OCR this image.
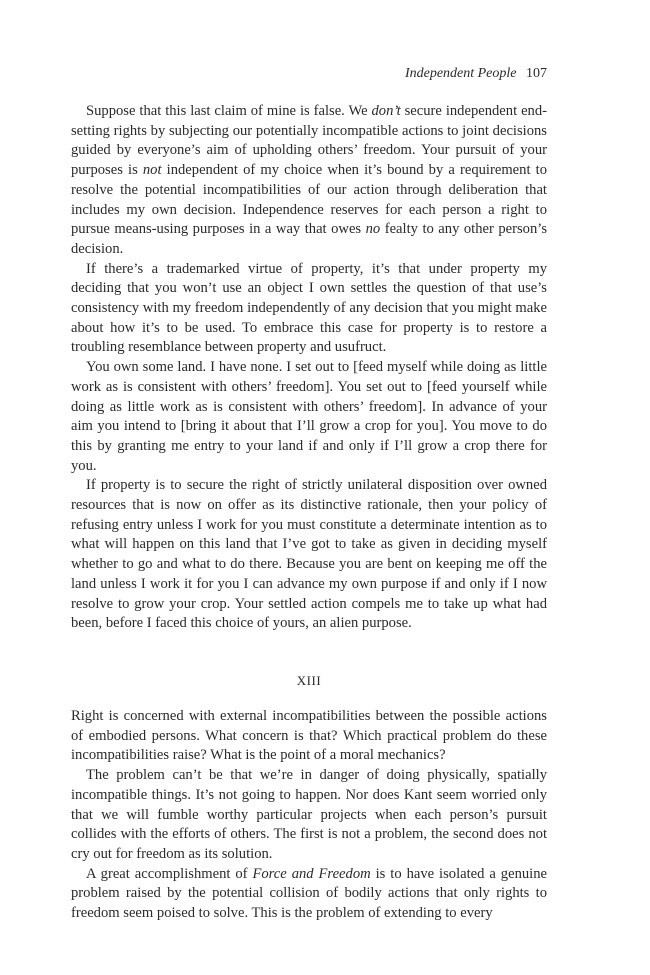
Independent People 107

Suppose that this last claim of mine is false. We don’t secure independent end-setting rights by subjecting our potentially incompatible actions to joint decisions guided by everyone’s aim of upholding others’ freedom. Your pursuit of your purposes is not independent of my choice when it’s bound by a requirement to resolve the potential incompatibilities of our action through deliberation that includes my own decision. Independence reserves for each person a right to pursue means-using purposes in a way that owes no fealty to any other person’s decision.

If there’s a trademarked virtue of property, it’s that under property my deciding that you won’t use an object I own settles the question of that use’s consistency with my freedom independently of any decision that you might make about how it’s to be used. To embrace this case for property is to restore a troubling resemblance between property and usufruct.

You own some land. I have none. I set out to [feed myself while doing as little work as is consistent with others’ freedom]. You set out to [feed yourself while doing as little work as is consistent with others’ freedom]. In advance of your aim you intend to [bring it about that I’ll grow a crop for you]. You move to do this by granting me entry to your land if and only if I’ll grow a crop there for you.

If property is to secure the right of strictly unilateral disposition over owned resources that is now on offer as its distinctive rationale, then your policy of refusing entry unless I work for you must constitute a determinate intention as to what will happen on this land that I’ve got to take as given in deciding myself whether to go and what to do there. Because you are bent on keeping me off the land unless I work it for you I can advance my own purpose if and only if I now resolve to grow your crop. Your settled action compels me to take up what had been, before I faced this choice of yours, an alien purpose.

XIII

Right is concerned with external incompatibilities between the possible actions of embodied persons. What concern is that? Which practical problem do these incompatibilities raise? What is the point of a moral mechanics?

The problem can’t be that we’re in danger of doing physically, spatially incompatible things. It’s not going to happen. Nor does Kant seem worried only that we will fumble worthy particular projects when each person’s pursuit collides with the efforts of others. The first is not a problem, the second does not cry out for freedom as its solution.

A great accomplishment of Force and Freedom is to have isolated a genuine problem raised by the potential collision of bodily actions that only rights to freedom seem poised to solve. This is the problem of extending to every
